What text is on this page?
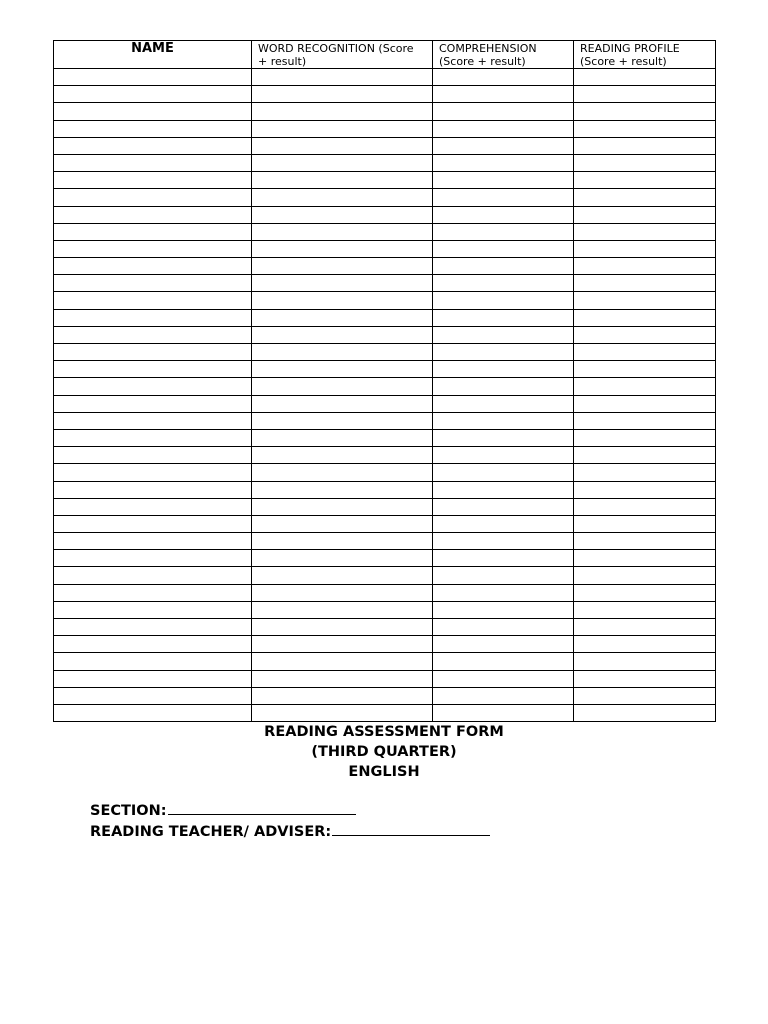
NAME	WORD RECOGNITION (Score + result)	COMPREHENSION (Score + result)	READING PROFILE (Score + result)

READING ASSESSMENT FORM
(THIRD QUARTER)
ENGLISH
SECTION:
READING TEACHER/ ADVISER:
